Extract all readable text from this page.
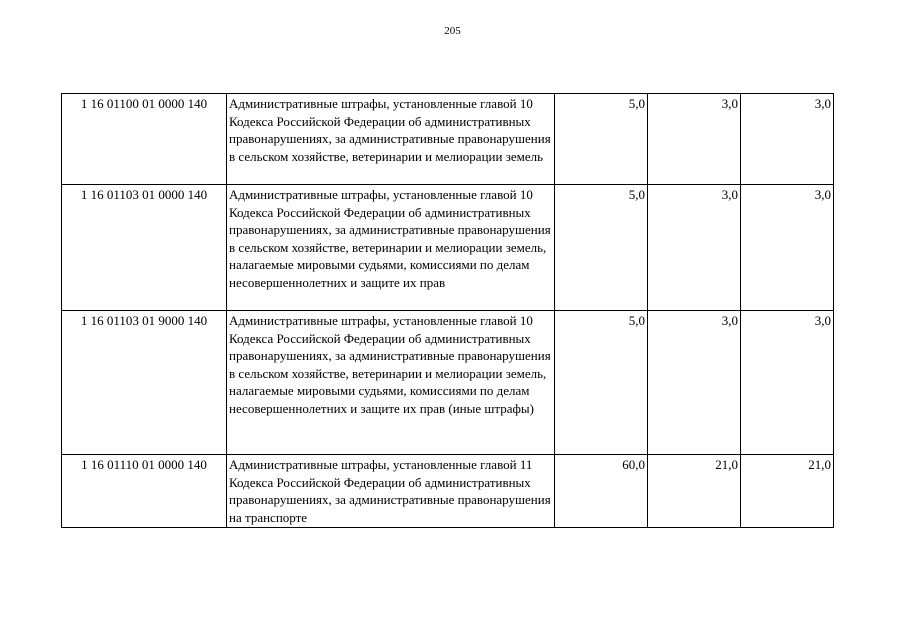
205
1 16 01100 01 0000 140	Административные штрафы, установленные главой 10 Кодекса Российской Федерации об административных правонарушениях, за административные правонарушения в сельском хозяйстве, ветеринарии и мелиорации земель	5,0	3,0	3,0
1 16 01103 01 0000 140	Административные штрафы, установленные главой 10 Кодекса Российской Федерации об административных правонарушениях, за административные правонарушения в сельском хозяйстве, ветеринарии и мелиорации земель, налагаемые мировыми судьями, комиссиями по делам несовершеннолетних и защите их прав	5,0	3,0	3,0
1 16 01103 01 9000 140	Административные штрафы, установленные главой 10 Кодекса Российской Федерации об административных правонарушениях, за административные правонарушения в сельском хозяйстве, ветеринарии и мелиорации земель, налагаемые мировыми судьями, комиссиями по делам несовершеннолетних и защите их прав (иные штрафы)	5,0	3,0	3,0
1 16 01110 01 0000 140	Административные штрафы, установленные главой 11 Кодекса Российской Федерации об административных правонарушениях, за административные правонарушения на транспорте	60,0	21,0	21,0
